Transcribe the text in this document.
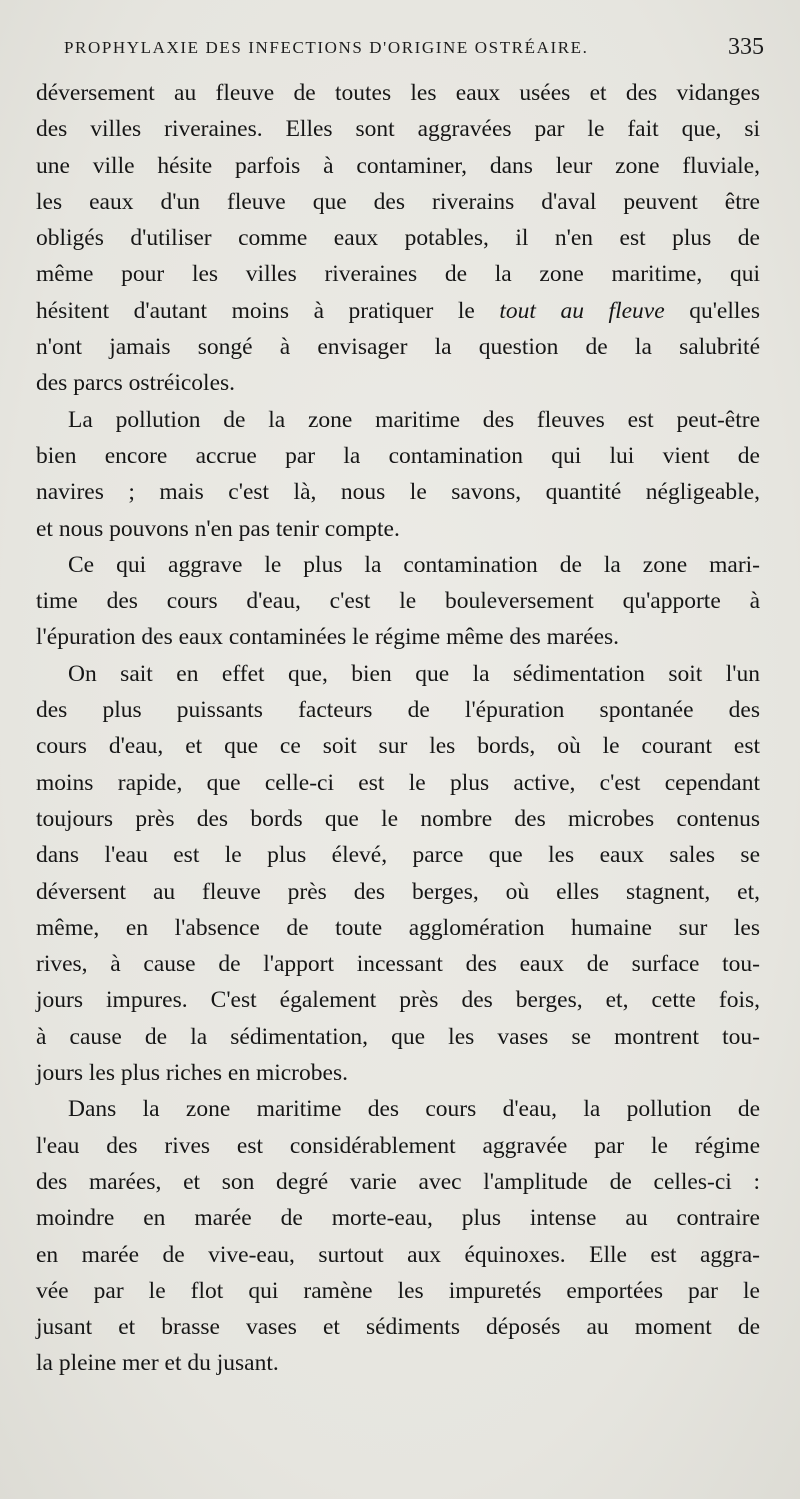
PROPHYLAXIE DES INFECTIONS D'ORIGINE OSTRÉAIRE.	335
déversement au fleuve de toutes les eaux usées et des vidanges
des villes riveraines. Elles sont aggravées par le fait que, si
une ville hésite parfois à contaminer, dans leur zone fluviale,
les eaux d'un fleuve que des riverains d'aval peuvent être
obligés d'utiliser comme eaux potables, il n'en est plus de
même pour les villes riveraines de la zone maritime, qui
hésitent d'autant moins à pratiquer le tout au fleuve qu'elles
n'ont jamais songé à envisager la question de la salubrité
des parcs ostréicoles.
La pollution de la zone maritime des fleuves est peut-être
bien encore accrue par la contamination qui lui vient de
navires ; mais c'est là, nous le savons, quantité négligeable,
et nous pouvons n'en pas tenir compte.
Ce qui aggrave le plus la contamination de la zone mari-
time des cours d'eau, c'est le bouleversement qu'apporte à
l'épuration des eaux contaminées le régime même des marées.
On sait en effet que, bien que la sédimentation soit l'un
des plus puissants facteurs de l'épuration spontanée des
cours d'eau, et que ce soit sur les bords, où le courant est
moins rapide, que celle-ci est le plus active, c'est cependant
toujours près des bords que le nombre des microbes contenus
dans l'eau est le plus élevé, parce que les eaux sales se
déversent au fleuve près des berges, où elles stagnent, et,
même, en l'absence de toute agglomération humaine sur les
rives, à cause de l'apport incessant des eaux de surface tou-
jours impures. C'est également près des berges, et, cette fois,
à cause de la sédimentation, que les vases se montrent tou-
jours les plus riches en microbes.
Dans la zone maritime des cours d'eau, la pollution de
l'eau des rives est considérablement aggravée par le régime
des marées, et son degré varie avec l'amplitude de celles-ci :
moindre en marée de morte-eau, plus intense au contraire
en marée de vive-eau, surtout aux équinoxes. Elle est aggra-
vée par le flot qui ramène les impuretés emportées par le
jusant et brasse vases et sédiments déposés au moment de
la pleine mer et du jusant.
